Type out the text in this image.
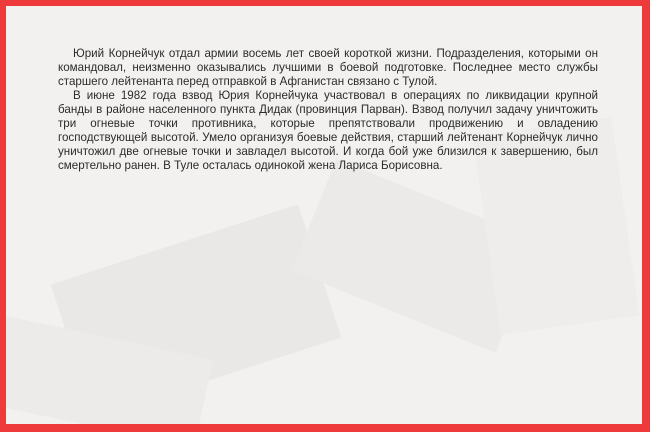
Юрий Корнейчук отдал армии восемь лет своей короткой жизни. Подразделения, которыми он командовал, неизменно оказывались лучшими в боевой подготовке. Последнее место службы старшего лейтенанта перед отправкой в Афганистан связано с Тулой.

В июне 1982 года взвод Юрия Корнейчука участвовал в операциях по ликвидации крупной банды в районе населенного пункта Дидак (провинция Парван). Взвод получил задачу уничтожить три огневые точки противника, которые препятствовали продвижению и овладению господствующей высотой. Умело организуя боевые действия, старший лейтенант Корнейчук лично уничтожил две огневые точки и завладел высотой. И когда бой уже близился к завершению, был смертельно ранен. В Туле осталась одинокой жена Лариса Борисовна.
